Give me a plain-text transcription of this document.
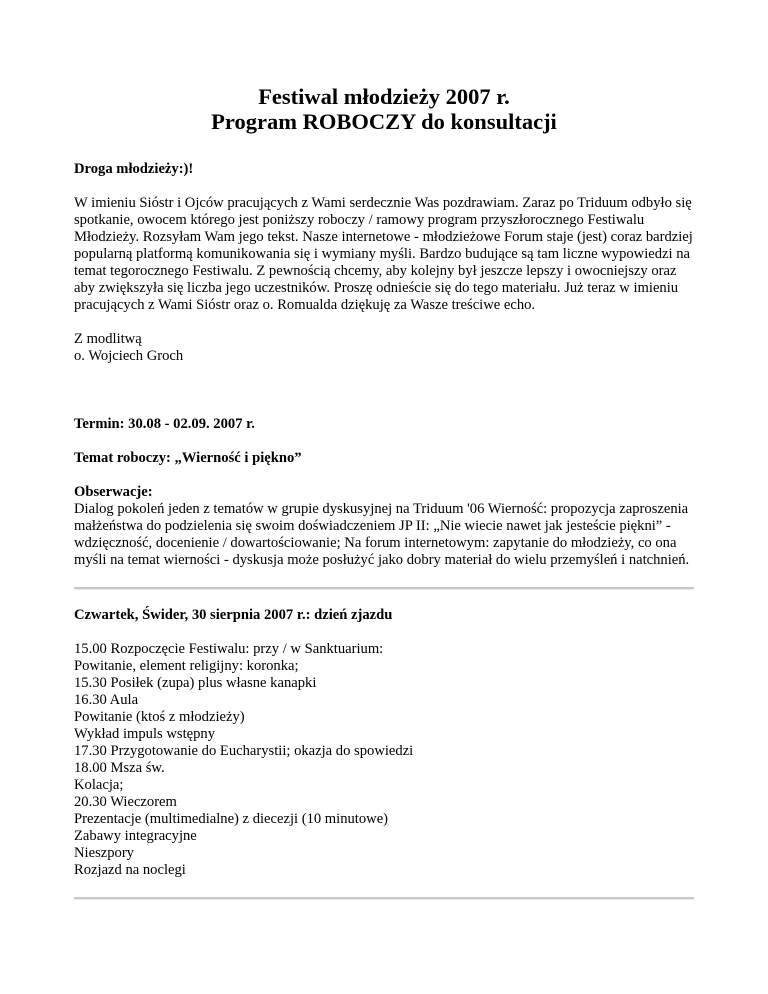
Festiwal młodzieży 2007 r.
Program ROBOCZY do konsultacji

Droga młodzieży:)!

W imieniu Sióstr i Ojców pracujących z Wami serdecznie Was pozdrawiam. Zaraz po Triduum odbyło się spotkanie, owocem którego jest poniższy roboczy / ramowy program przyszłorocznego Festiwalu Młodzieży. Rozsyłam Wam jego tekst. Nasze internetowe - młodzieżowe Forum staje (jest) coraz bardziej popularną platformą komunikowania się i wymiany myśli. Bardzo budujące są tam liczne wypowiedzi na temat tegorocznego Festiwalu. Z pewnością chcemy, aby kolejny był jeszcze lepszy i owocniejszy oraz aby zwiększyła się liczba jego uczestników. Proszę odnieście się do tego materiału. Już teraz w imieniu pracujących z Wami Sióstr oraz o. Romualda dziękuję za Wasze treściwe echo.

Z modlitwą

o. Wojciech Groch

Termin: 30.08 - 02.09. 2007 r.

Temat roboczy: „Wierność i piękno”

Obserwacje:

Dialog pokoleń jeden z tematów w grupie dyskusyjnej na Triduum '06 Wierność: propozycja zaproszenia małżeństwa do podzielenia się swoim doświadczeniem JP II: „Nie wiecie nawet jak jesteście piękni” - wdzięczność, docenienie / dowartościowanie; Na forum internetowym: zapytanie do młodzieży, co ona myśli na temat wierności - dyskusja może posłużyć jako dobry materiał do wielu przemyśleń i natchnień.

Czwartek, Świder, 30 sierpnia 2007 r.: dzień zjazdu

15.00 Rozpoczęcie Festiwalu: przy / w Sanktuarium:
Powitanie, element religijny: koronka;
15.30 Posiłek (zupa) plus własne kanapki
16.30 Aula
Powitanie (ktoś z młodzieży)
Wykład impuls wstępny
17.30 Przygotowanie do Eucharystii; okazja do spowiedzi
18.00 Msza św.
Kolacja;
20.30 Wieczorem
Prezentacje (multimedialne) z diecezji (10 minutowe)
Zabawy integracyjne
Nieszpory
Rozjazd na noclegi
